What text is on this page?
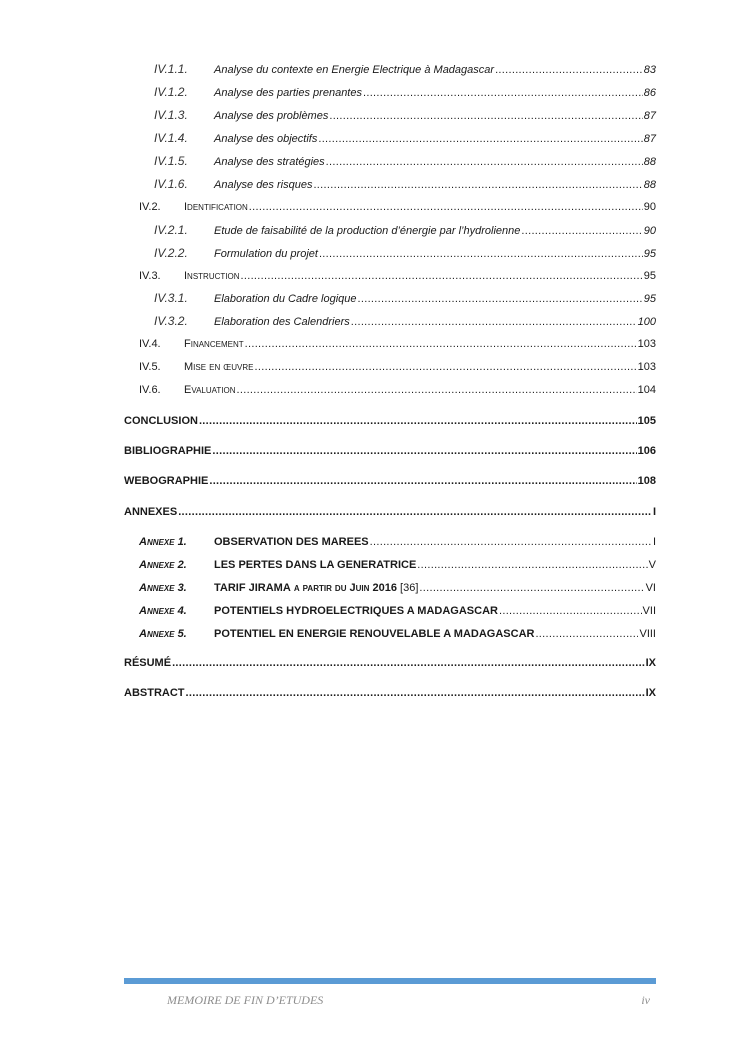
IV.1.1.	Analyse du contexte en Energie Electrique à Madagascar .....	83
IV.1.2.	Analyse des parties prenantes .....	86
IV.1.3.	Analyse des problèmes .....	87
IV.1.4.	Analyse des objectifs .....	87
IV.1.5.	Analyse des stratégies .....	88
IV.1.6.	Analyse des risques .....	88
IV.2.	Identification .....	90
IV.2.1.	Etude de faisabilité de la production d’énergie par l’hydrolienne .....	90
IV.2.2.	Formulation du projet .....	95
IV.3.	Instruction .....	95
IV.3.1.	Elaboration du Cadre logique .....	95
IV.3.2.	Elaboration des Calendriers .....	100
IV.4.	Financement .....	103
IV.5.	Mise en œuvre .....	103
IV.6.	Evaluation .....	104
CONCLUSION .....	105
BIBLIOGRAPHIE .....	106
WEBOGRAPHIE .....	108
ANNEXES .....	I
Annexe 1.	OBSERVATION DES MAREES .....	I
Annexe 2.	LES PERTES DANS LA GENERATRICE .....	V
Annexe 3.	TARIF JIRAMA a partir du Juin 2016 [36] .....	VI
Annexe 4.	POTENTIELS HYDROELECTRIQUES A MADAGASCAR .....	VII
Annexe 5.	POTENTIEL EN ENERGIE RENOUVELABLE A MADAGASCAR .....	VIII
RÉSUMÉ .....	IX
ABSTRACT .....	IX
MEMOIRE DE FIN D’ETUDES	iv
